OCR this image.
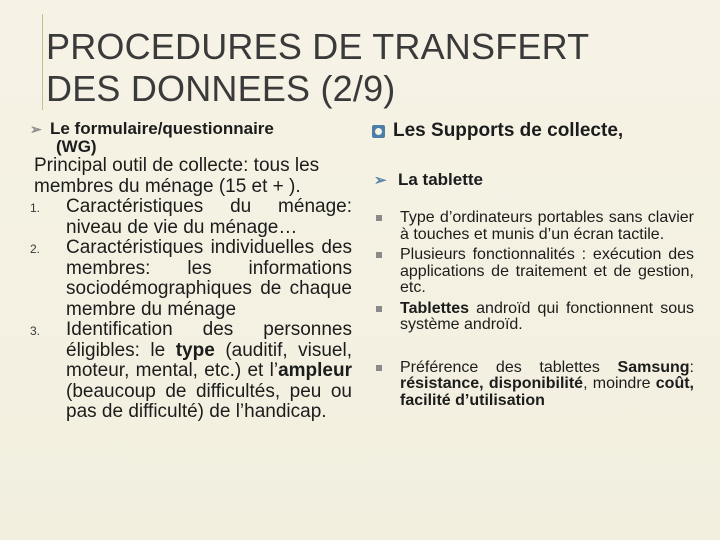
PROCEDURES DE TRANSFERT
DES DONNEES (2/9)
➢ Le formulaire/questionnaire
(WG)
Principal outil de collecte: tous les membres du ménage (15 et + ).
1.	Caractéristiques du ménage: niveau de vie du ménage…
2.	Caractéristiques individuelles des membres: les informations sociodémographiques de chaque membre du ménage
3.	Identification des personnes éligibles: le type (auditif, visuel, moteur, mental, etc.) et l’ampleur (beaucoup de difficultés, peu ou pas de difficulté) de l’handicap.
Les Supports de collecte,
➢ La tablette
Type d’ordinateurs portables sans clavier à touches et munis d’un écran tactile.
Plusieurs fonctionnalités : exécution des applications de traitement et de gestion, etc.
Tablettes androïd qui fonctionnent sous système androïd.
Préférence des tablettes Samsung: résistance, disponibilité, moindre coût, facilité d’utilisation
